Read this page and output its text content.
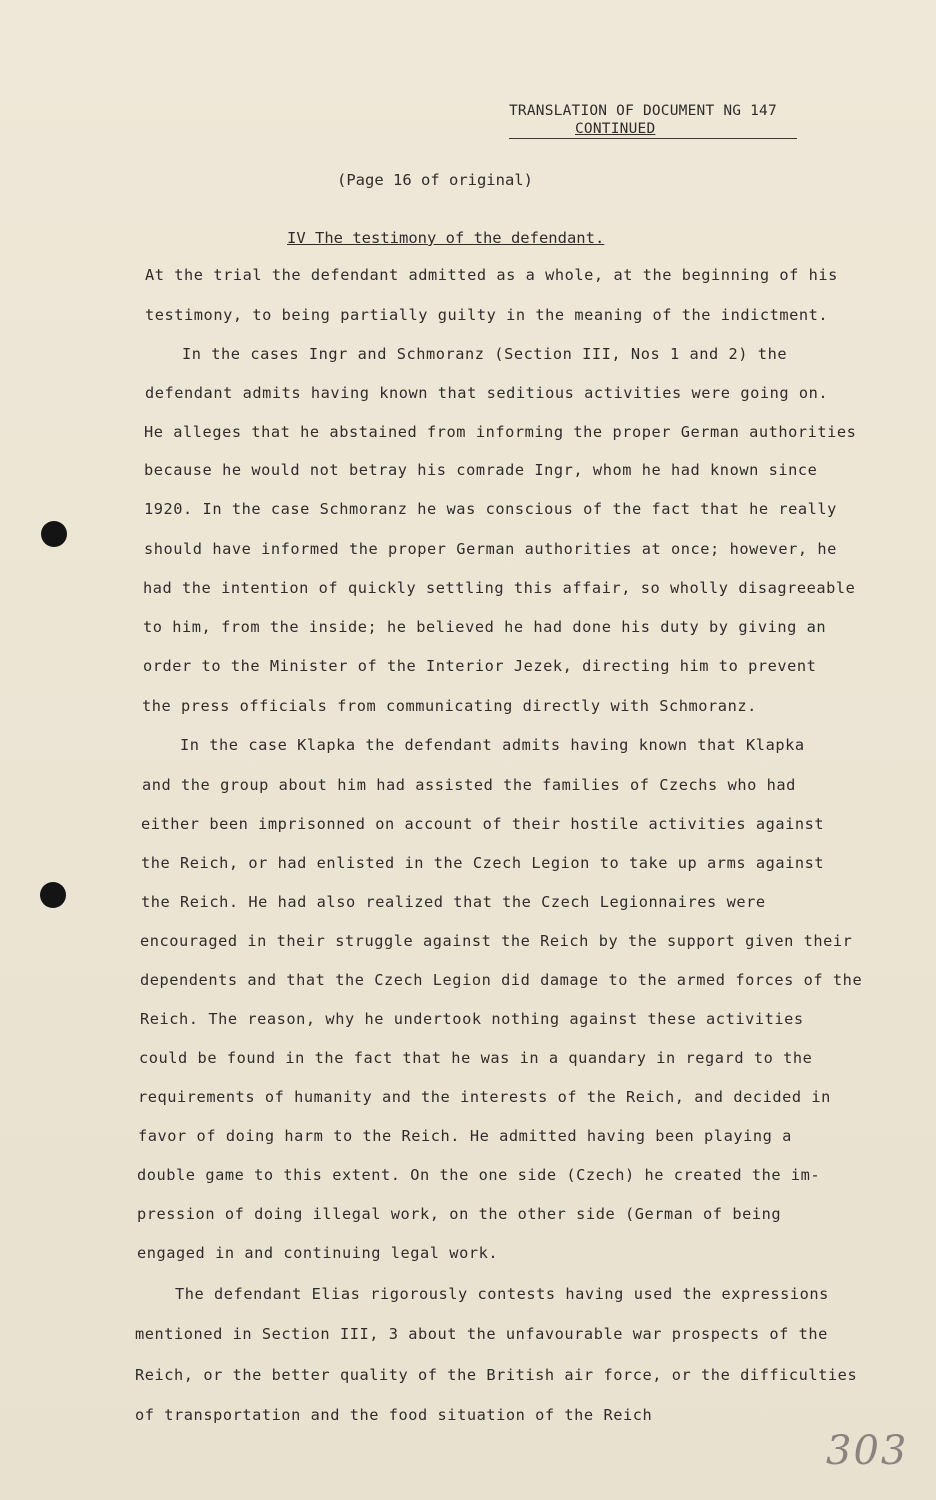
TRANSLATION OF DOCUMENT NG 147
CONTINUED
(Page 16 of original)
IV The testimony of the defendant.
At the trial the defendant admitted as a whole, at the beginning of his
testimony, to being partially guilty in the meaning of the indictment.
In the cases Ingr and Schmoranz (Section III, Nos 1 and 2) the
defendant admits having known that seditious activities were going on.
He alleges that he abstained from informing the proper German authorities
because he would not betray his comrade Ingr, whom he had known since
1920. In the case Schmoranz he was conscious of the fact that he really
should have informed the proper German authorities at once; however, he
had the intention of quickly settling this affair, so wholly disagreeable
to him, from the inside; he believed he had done his duty by giving an
order to the Minister of the Interior Jezek, directing him to prevent
the press officials from communicating directly with Schmoranz.
In the case Klapka the defendant admits having known that Klapka
and the group about him had assisted the families of Czechs who had
either been imprisonned on account of their hostile activities against
the Reich, or had enlisted in the Czech Legion to take up arms against
the Reich. He had also realized that the Czech Legionnaires were
encouraged in their struggle against the Reich by the support given their
dependents and that the Czech Legion did damage to the armed forces of the
Reich. The reason, why he undertook nothing against these activities
could be found in the fact that he was in a quandary in regard to the
requirements of humanity and the interests of the Reich, and decided in
favor of doing harm to the Reich. He admitted having been playing a
double game to this extent. On the one side (Czech) he created the im-
pression of doing illegal work, on the other side (German of being
engaged in and continuing legal work.
The defendant Elias rigorously contests having used the expressions
mentioned in Section III, 3 about the unfavourable war prospects of the
Reich, or the better quality of the British air force, or the difficulties
of transportation and the food situation of the Reich
303
